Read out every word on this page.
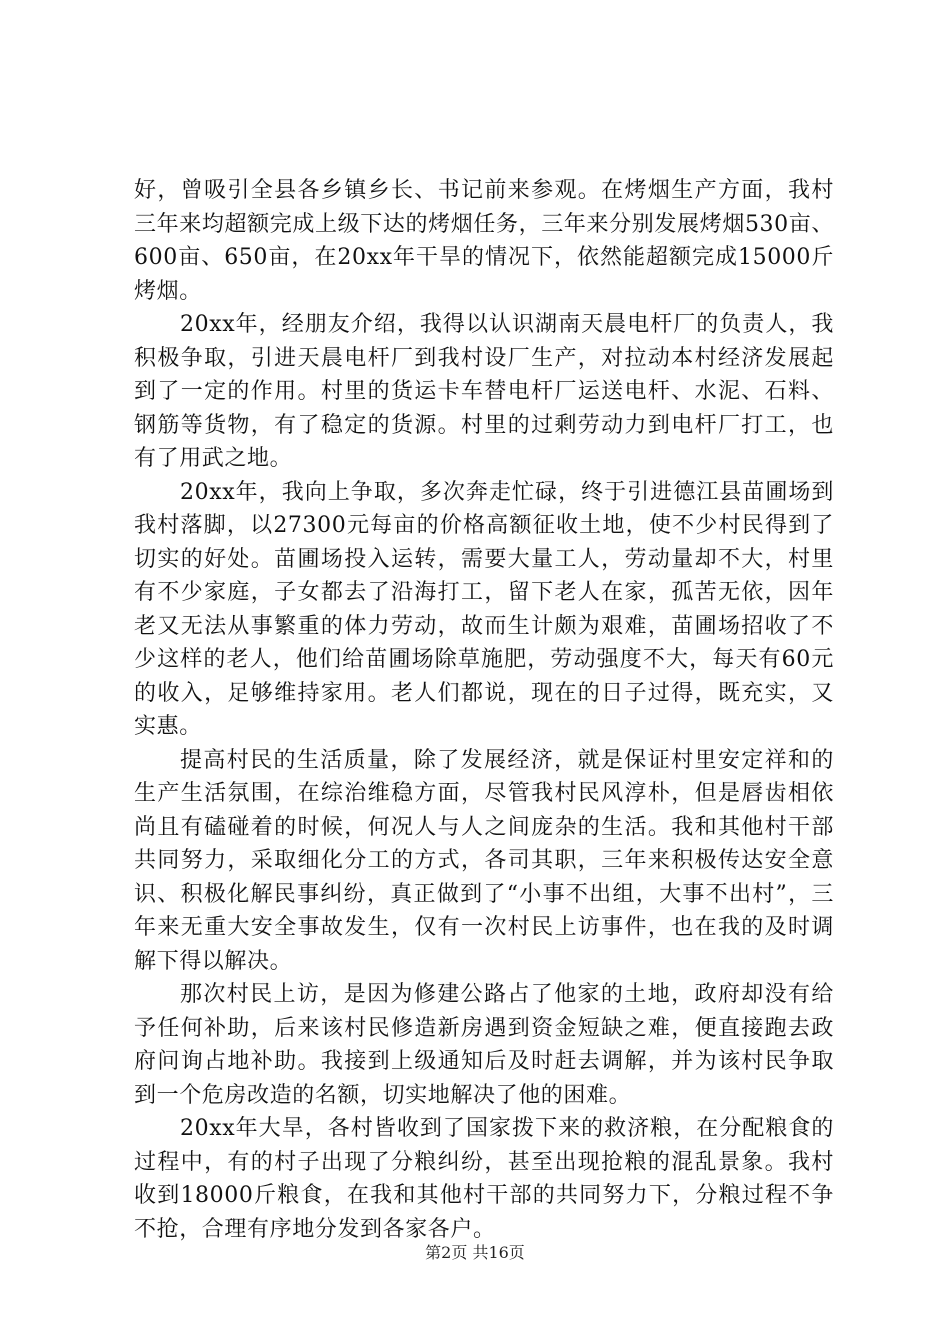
好，曾吸引全县各乡镇乡长、书记前来参观。在烤烟生产方面，我村三年来均超额完成上级下达的烤烟任务，三年来分别发展烤烟530亩、600亩、650亩，在20xx年干旱的情况下，依然能超额完成15000斤烤烟。

20xx年，经朋友介绍，我得以认识湖南天晨电杆厂的负责人，我积极争取，引进天晨电杆厂到我村设厂生产，对拉动本村经济发展起到了一定的作用。村里的货运卡车替电杆厂运送电杆、水泥、石料、钢筋等货物，有了稳定的货源。村里的过剩劳动力到电杆厂打工，也有了用武之地。

20xx年，我向上争取，多次奔走忙碌，终于引进德江县苗圃场到我村落脚，以27300元每亩的价格高额征收土地，使不少村民得到了切实的好处。苗圃场投入运转，需要大量工人，劳动量却不大，村里有不少家庭，子女都去了沿海打工，留下老人在家，孤苦无依，因年老又无法从事繁重的体力劳动，故而生计颇为艰难，苗圃场招收了不少这样的老人，他们给苗圃场除草施肥，劳动强度不大，每天有60元的收入，足够维持家用。老人们都说，现在的日子过得，既充实，又实惠。

提高村民的生活质量，除了发展经济，就是保证村里安定祥和的生产生活氛围，在综治维稳方面，尽管我村民风淳朴，但是唇齿相依尚且有磕碰着的时候，何况人与人之间庞杂的生活。我和其他村干部共同努力，采取细化分工的方式，各司其职，三年来积极传达安全意识、积极化解民事纠纷，真正做到了“小事不出组，大事不出村”，三年来无重大安全事故发生，仅有一次村民上访事件，也在我的及时调解下得以解决。

那次村民上访，是因为修建公路占了他家的土地，政府却没有给予任何补助，后来该村民修造新房遇到资金短缺之难，便直接跑去政府问询占地补助。我接到上级通知后及时赶去调解，并为该村民争取到一个危房改造的名额，切实地解决了他的困难。

20xx年大旱，各村皆收到了国家拨下来的救济粮，在分配粮食的过程中，有的村子出现了分粮纠纷，甚至出现抢粮的混乱景象。我村收到18000斤粮食，在我和其他村干部的共同努力下，分粮过程不争不抢，合理有序地分发到各家各户。

第2页 共16页
